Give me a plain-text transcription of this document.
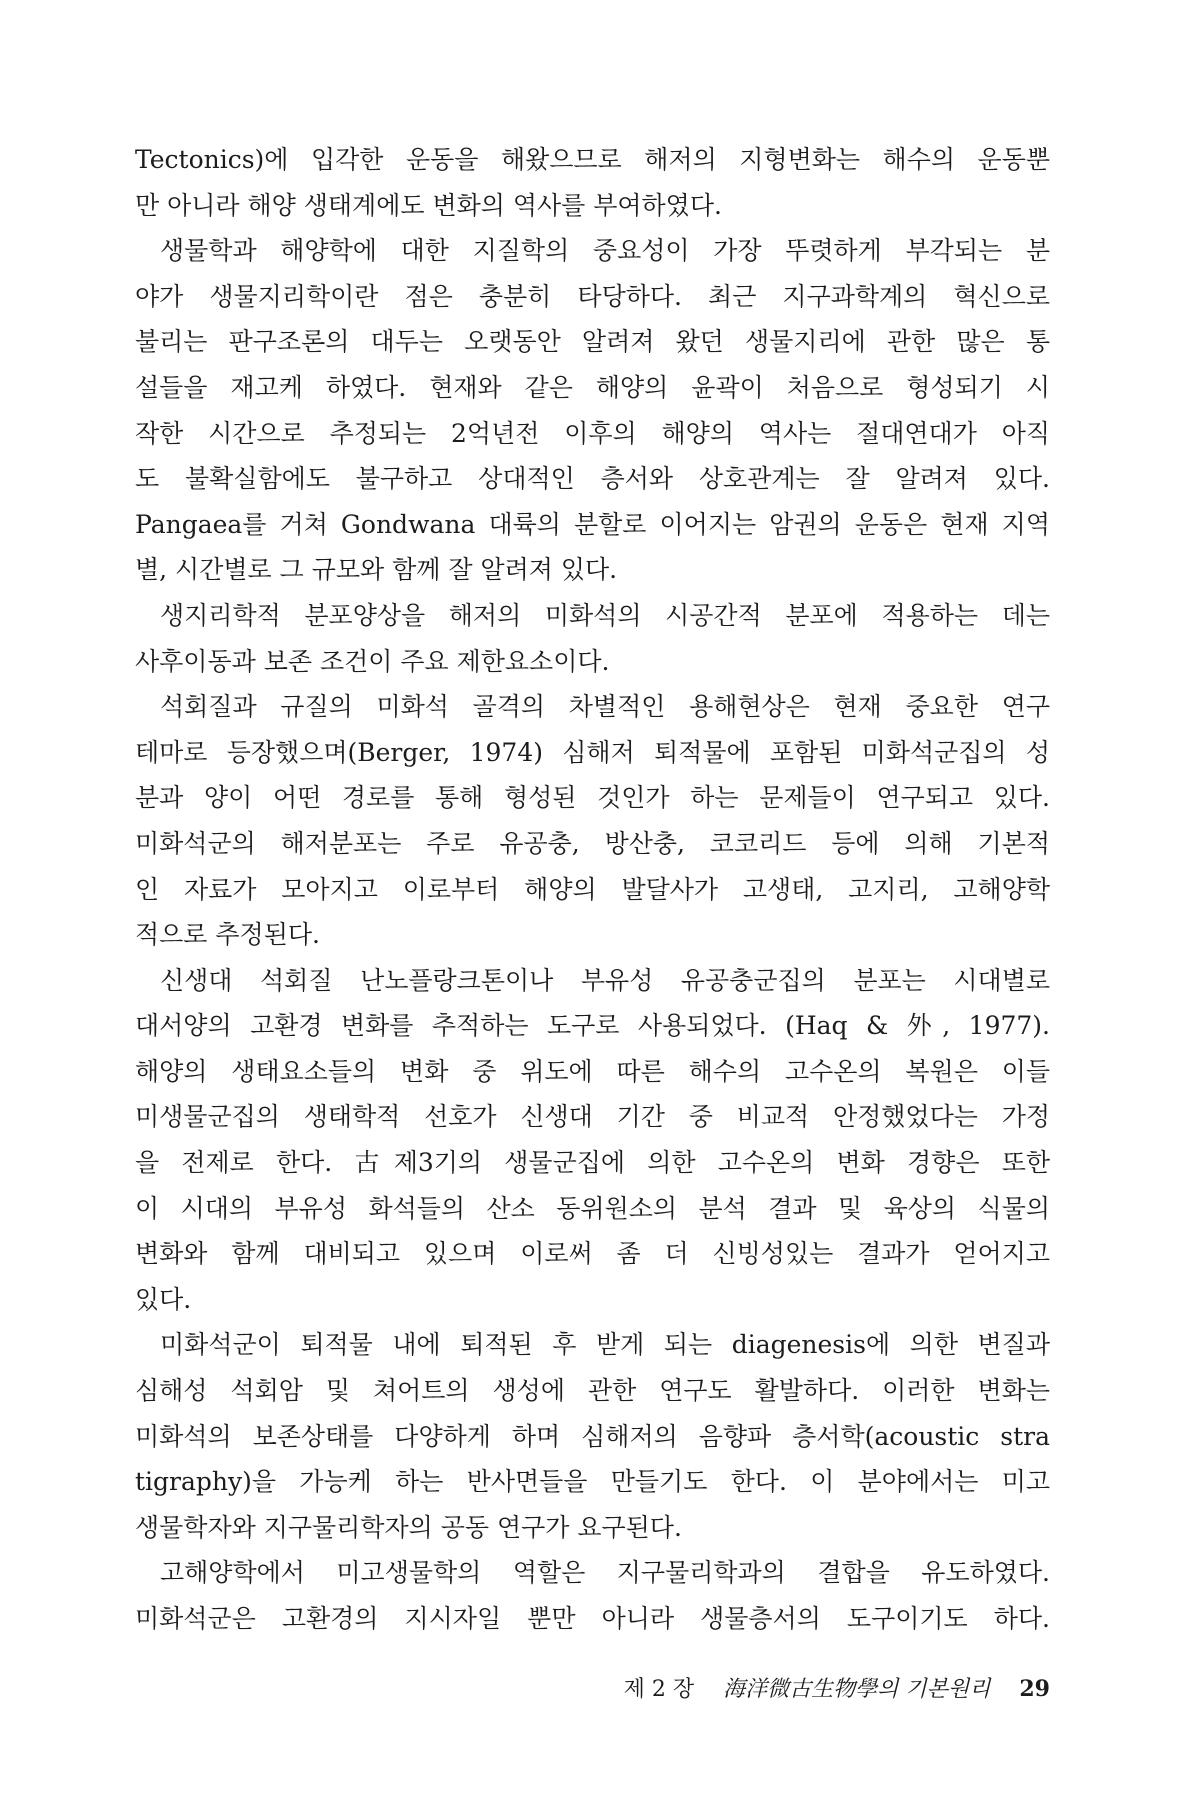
Tectonics)에 입각한 운동을 해왔으므로 해저의 지형변화는 해수의 운동뿐
만 아니라 해양 생태계에도 변화의 역사를 부여하였다.
생물학과 해양학에 대한 지질학의 중요성이 가장 뚜렷하게 부각되는 분
야가 생물지리학이란 점은 충분히 타당하다. 최근 지구과학계의 혁신으로
불리는 판구조론의 대두는 오랫동안 알려져 왔던 생물지리에 관한 많은 통
설들을 재고케 하였다. 현재와 같은 해양의 윤곽이 처음으로 형성되기 시
작한 시간으로 추정되는 2억년전 이후의 해양의 역사는 절대연대가 아직
도 불확실함에도 불구하고 상대적인 층서와 상호관계는 잘 알려져 있다.
Pangaea를 거쳐 Gondwana 대륙의 분할로 이어지는 암권의 운동은 현재 지역
별, 시간별로 그 규모와 함께 잘 알려져 있다.
생지리학적 분포양상을 해저의 미화석의 시공간적 분포에 적용하는 데는
사후이동과 보존 조건이 주요 제한요소이다.
석회질과 규질의 미화석 골격의 차별적인 용해현상은 현재 중요한 연구
테마로 등장했으며(Berger, 1974) 심해저 퇴적물에 포함된 미화석군집의 성
분과 양이 어떤 경로를 통해 형성된 것인가 하는 문제들이 연구되고 있다.
미화석군의 해저분포는 주로 유공충, 방산충, 코코리드 등에 의해 기본적
인 자료가 모아지고 이로부터 해양의 발달사가 고생태, 고지리, 고해양학
적으로 추정된다.
신생대 석회질 난노플랑크톤이나 부유성 유공충군집의 분포는 시대별로
대서양의 고환경 변화를 추적하는 도구로 사용되었다. (Haq & 外, 1977).
해양의 생태요소들의 변화 중 위도에 따른 해수의 고수온의 복원은 이들
미생물군집의 생태학적 선호가 신생대 기간 중 비교적 안정했었다는 가정
을 전제로 한다. 古제3기의 생물군집에 의한 고수온의 변화 경향은 또한
이 시대의 부유성 화석들의 산소 동위원소의 분석 결과 및 육상의 식물의
변화와 함께 대비되고 있으며 이로써 좀 더 신빙성있는 결과가 얻어지고
있다.
미화석군이 퇴적물 내에 퇴적된 후 받게 되는 diagenesis에 의한 변질과
심해성 석회암 및 쳐어트의 생성에 관한 연구도 활발하다. 이러한 변화는
미화석의 보존상태를 다양하게 하며 심해저의 음향파 층서학(acoustic stra
tigraphy)을 가능케 하는 반사면들을 만들기도 한다. 이 분야에서는 미고
생물학자와 지구물리학자의 공동 연구가 요구된다.
고해양학에서 미고생물학의 역할은 지구물리학과의 결합을 유도하였다.
미화석군은 고환경의 지시자일 뿐만 아니라 생물층서의 도구이기도 하다.
제 2 장 海洋微古生物學의 기본원리 29
